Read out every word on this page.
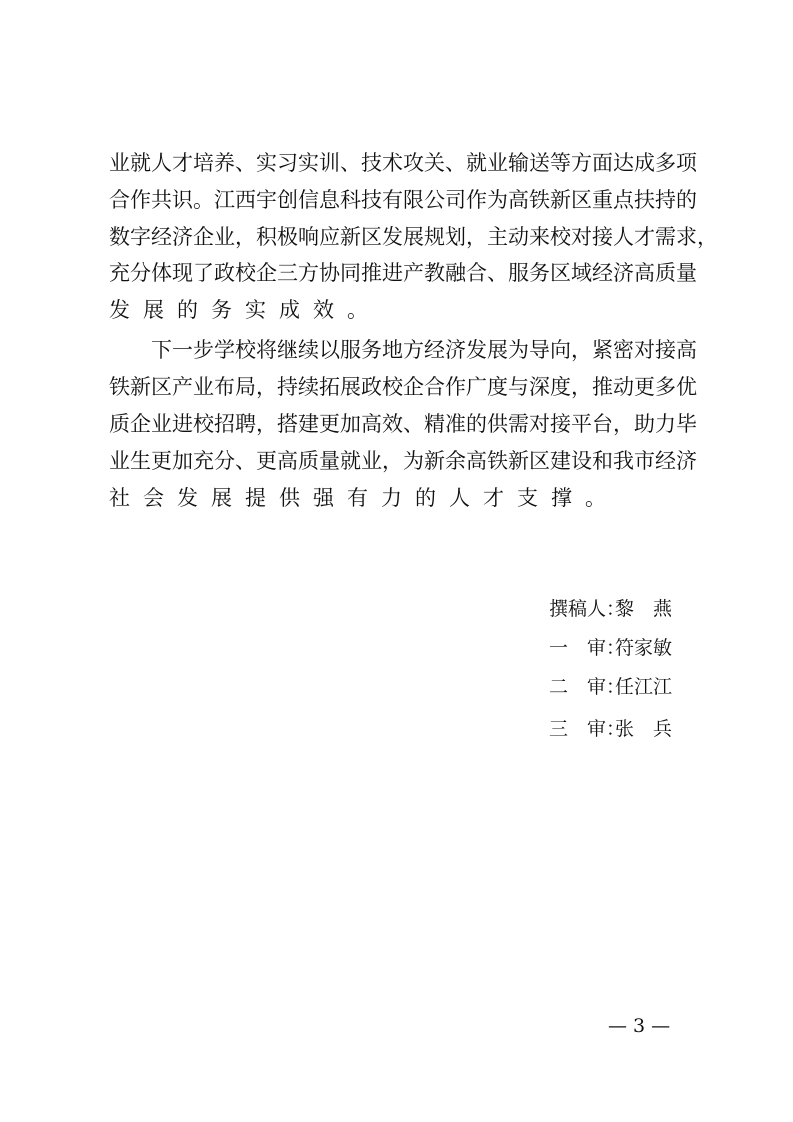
业就人才培养、实习实训、技术攻关、就业输送等方面达成多项
合作共识。江西宇创信息科技有限公司作为高铁新区重点扶持的
数字经济企业，积极响应新区发展规划，主动来校对接人才需求，
充分体现了政校企三方协同推进产教融合、服务区域经济高质量
发展的务实成效。
　　下一步学校将继续以服务地方经济发展为导向，紧密对接高
铁新区产业布局，持续拓展政校企合作广度与深度，推动更多优
质企业进校招聘，搭建更加高效、精准的供需对接平台，助力毕
业生更加充分、更高质量就业，为新余高铁新区建设和我市经济
社会发展提供强有力的人才支撑。
撰稿人：黎　燕
一　审：符家敏
二　审：任江江
三　审：张　兵
— 3 —
